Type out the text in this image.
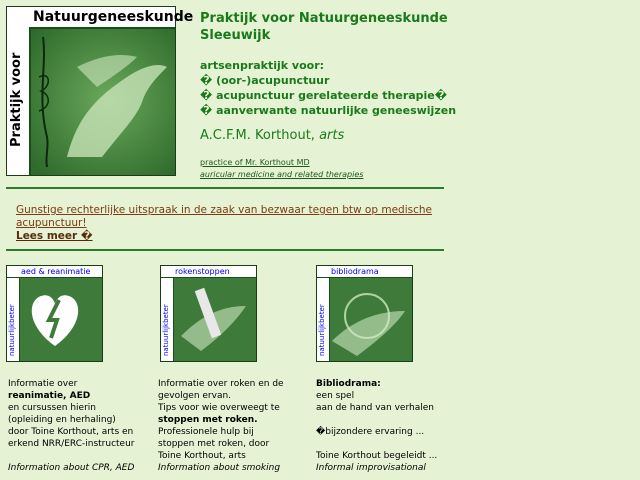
Natuurgeneeskunde
Praktijk voor
Praktijk voor Natuurgeneeskunde
Sleeuwijk
artsenpraktijk voor:
� (oor-)acupunctuur
� acupunctuur gerelateerde therapie�
� aanverwante natuurlijke geneeswijzen
A.C.F.M. Korthout, arts
practice of Mr. Korthout MD
auricular medicine and related therapies
Gunstige rechterlijke uitspraak in de zaak van bezwaar tegen btw op medische acupunctuur!
Lees meer �
aed & reanimatie
natuurlijkbeter
rokenstoppen
natuurlijkbeter
bibliodrama
natuurlijkbeter
Informatie over
reanimatie, AED
en cursussen hierin
(opleiding en herhaling)
door Toine Korthout, arts en
erkend NRR/ERC-instructeur
Information about CPR, AED
Informatie over roken en de
gevolgen ervan.
Tips voor wie overweegt te
stoppen met roken.
Professionele hulp bij
stoppen met roken, door
Toine Korthout, arts
Information about smoking
Bibliodrama:
een spel
aan de hand van verhalen
�bijzondere ervaring ...
Toine Korthout begeleidt ...
Informal improvisational
